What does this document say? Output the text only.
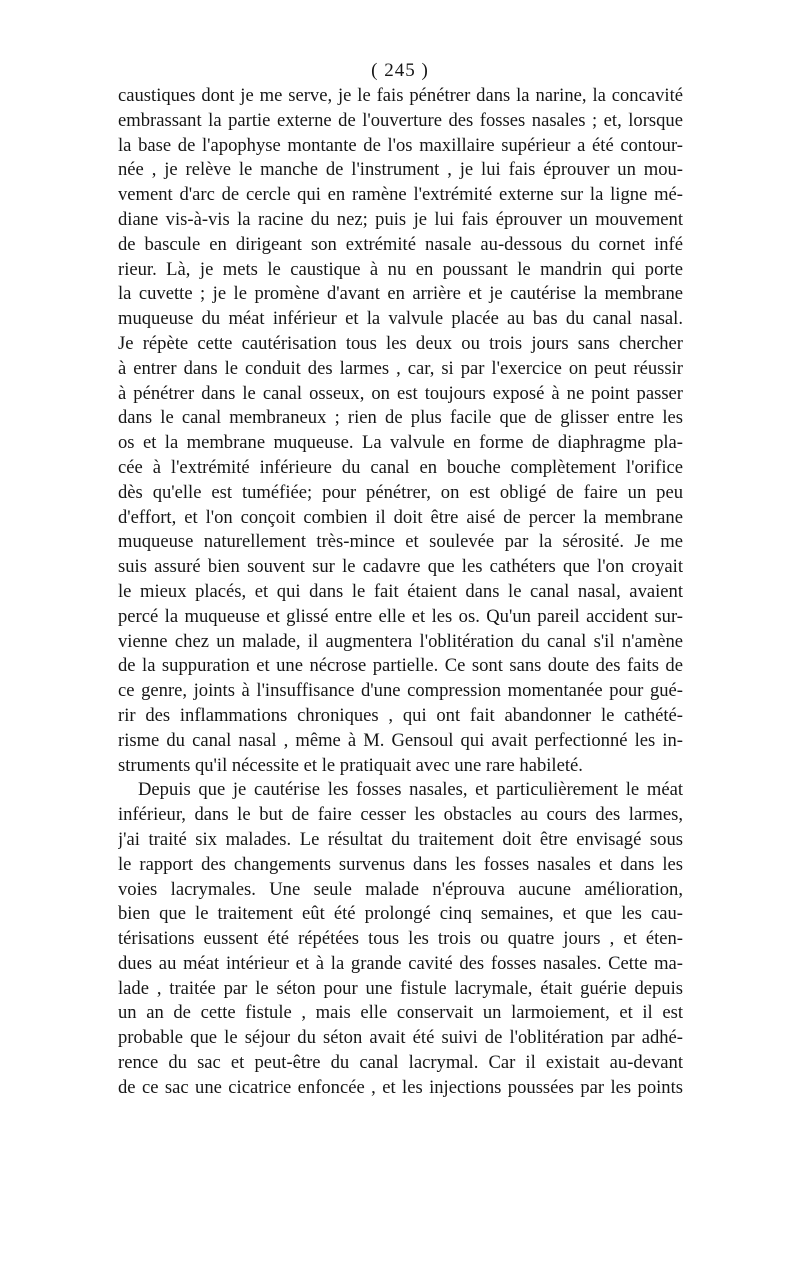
( 245 )
caustiques dont je me serve, je le fais pénétrer dans la narine, la concavité
embrassant la partie externe de l'ouverture des fosses nasales ; et, lorsque
la base de l'apophyse montante de l'os maxillaire supérieur a été contour-
née , je relève le manche de l'instrument , je lui fais éprouver un mou-
vement d'arc de cercle qui en ramène l'extrémité externe sur la ligne mé-
diane vis-à-vis la racine du nez; puis je lui fais éprouver un mouvement
de bascule en dirigeant son extrémité nasale au-dessous du cornet infé
rieur. Là, je mets le caustique à nu en poussant le mandrin qui porte
la cuvette ; je le promène d'avant en arrière et je cautérise la membrane
muqueuse du méat inférieur et la valvule placée au bas du canal nasal.
Je répète cette cautérisation tous les deux ou trois jours sans chercher
à entrer dans le conduit des larmes , car, si par l'exercice on peut réussir
à pénétrer dans le canal osseux, on est toujours exposé à ne point passer
dans le canal membraneux ; rien de plus facile que de glisser entre les
os et la membrane muqueuse. La valvule en forme de diaphragme pla-
cée à l'extrémité inférieure du canal en bouche complètement l'orifice
dès qu'elle est tuméfiée; pour pénétrer, on est obligé de faire un peu
d'effort, et l'on conçoit combien il doit être aisé de percer la membrane
muqueuse naturellement très-mince et soulevée par la sérosité. Je me
suis assuré bien souvent sur le cadavre que les cathéters que l'on croyait
le mieux placés, et qui dans le fait étaient dans le canal nasal, avaient
percé la muqueuse et glissé entre elle et les os. Qu'un pareil accident sur-
vienne chez un malade, il augmentera l'oblitération du canal s'il n'amène
de la suppuration et une nécrose partielle. Ce sont sans doute des faits de
ce genre, joints à l'insuffisance d'une compression momentanée pour gué-
rir des inflammations chroniques , qui ont fait abandonner le cathété-
risme du canal nasal , même à M. Gensoul qui avait perfectionné les in-
struments qu'il nécessite et le pratiquait avec une rare habileté.
Depuis que je cautérise les fosses nasales, et particulièrement le méat
inférieur, dans le but de faire cesser les obstacles au cours des larmes,
j'ai traité six malades. Le résultat du traitement doit être envisagé sous
le rapport des changements survenus dans les fosses nasales et dans les
voies lacrymales. Une seule malade n'éprouva aucune amélioration,
bien que le traitement eût été prolongé cinq semaines, et que les cau-
térisations eussent été répétées tous les trois ou quatre jours , et éten-
dues au méat intérieur et à la grande cavité des fosses nasales. Cette ma-
lade , traitée par le séton pour une fistule lacrymale, était guérie depuis
un an de cette fistule , mais elle conservait un larmoiement, et il est
probable que le séjour du séton avait été suivi de l'oblitération par adhé-
rence du sac et peut-être du canal lacrymal. Car il existait au-devant
de ce sac une cicatrice enfoncée , et les injections poussées par les points
